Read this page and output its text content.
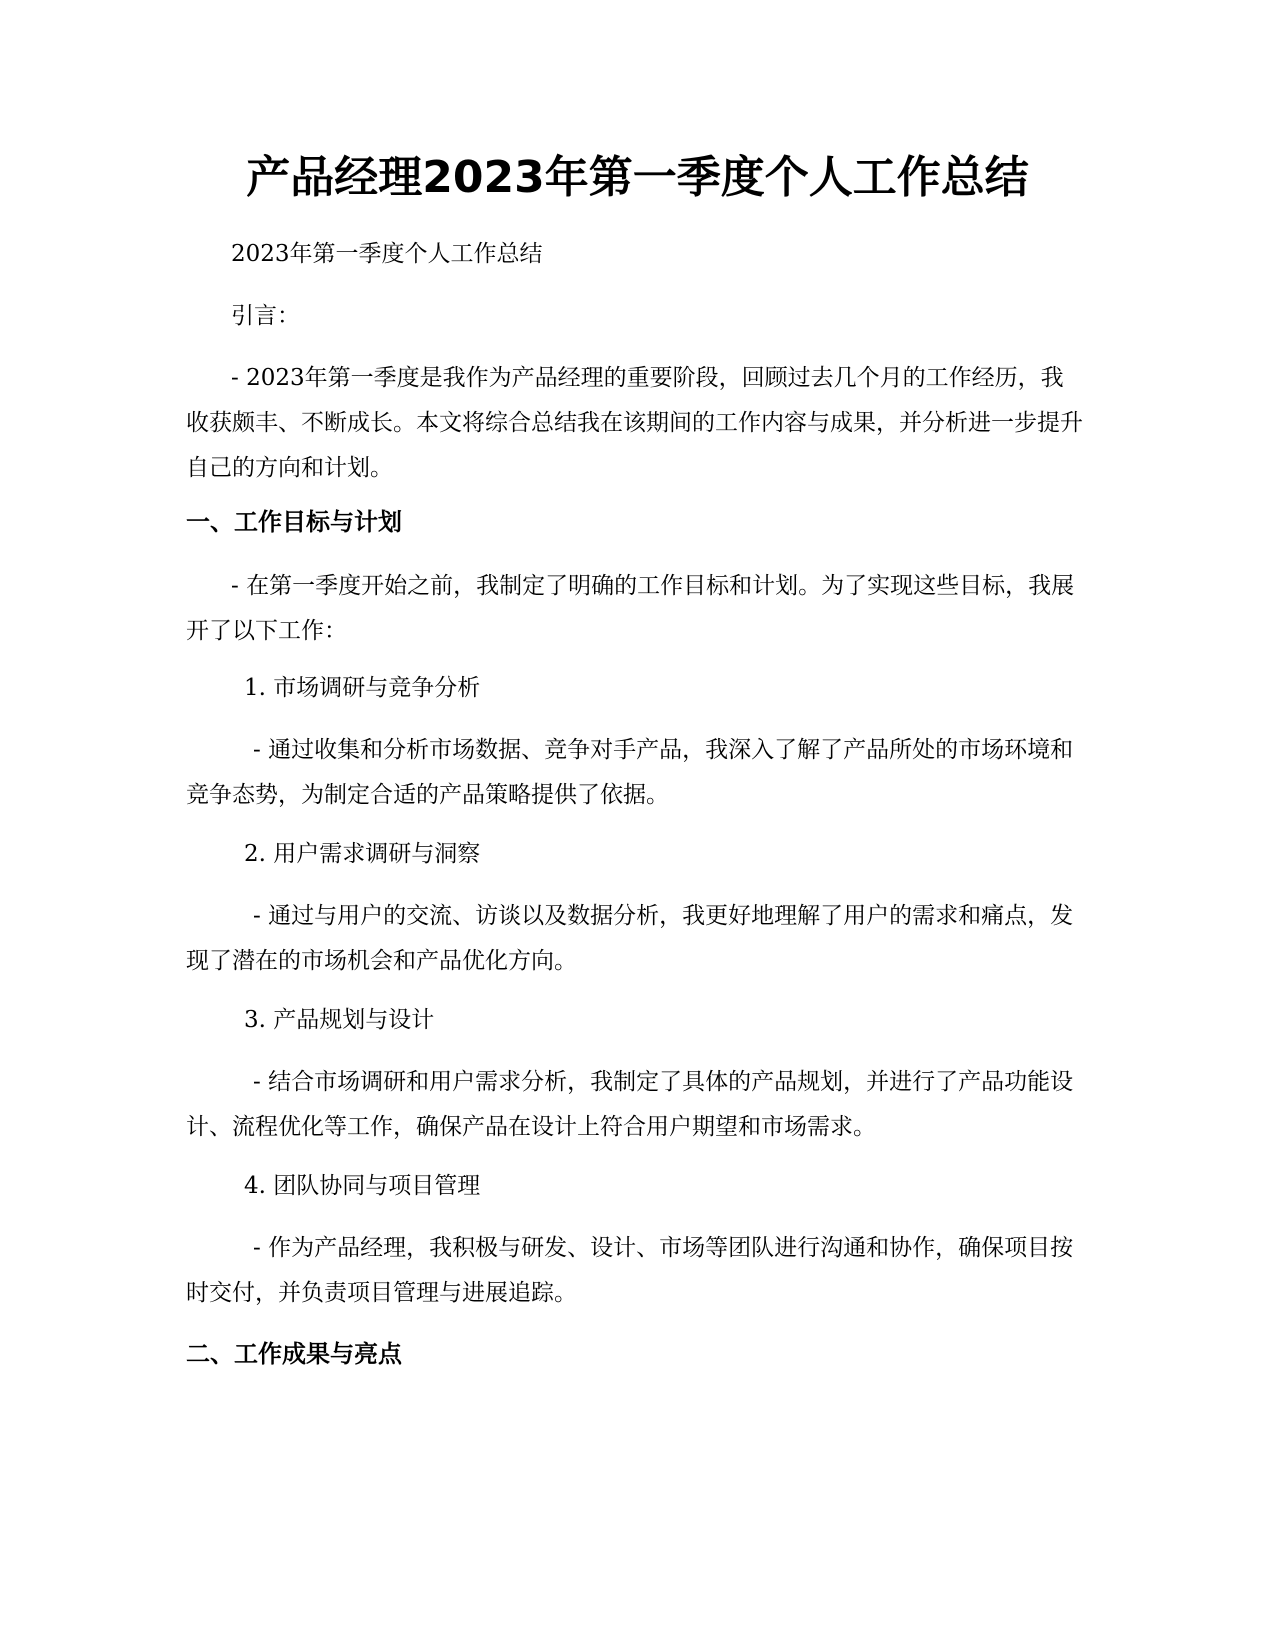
产品经理2023年第一季度个人工作总结

2023年第一季度个人工作总结

引言：

- 2023年第一季度是我作为产品经理的重要阶段，回顾过去几个月的工作经历，我收获颇丰、不断成长。本文将综合总结我在该期间的工作内容与成果，并分析进一步提升自己的方向和计划。

一、工作目标与计划

- 在第一季度开始之前，我制定了明确的工作目标和计划。为了实现这些目标，我展开了以下工作：

1. 市场调研与竞争分析

- 通过收集和分析市场数据、竞争对手产品，我深入了解了产品所处的市场环境和竞争态势，为制定合适的产品策略提供了依据。

2. 用户需求调研与洞察

- 通过与用户的交流、访谈以及数据分析，我更好地理解了用户的需求和痛点，发现了潜在的市场机会和产品优化方向。

3. 产品规划与设计

- 结合市场调研和用户需求分析，我制定了具体的产品规划，并进行了产品功能设计、流程优化等工作，确保产品在设计上符合用户期望和市场需求。

4. 团队协同与项目管理

- 作为产品经理，我积极与研发、设计、市场等团队进行沟通和协作，确保项目按时交付，并负责项目管理与进展追踪。

二、工作成果与亮点
